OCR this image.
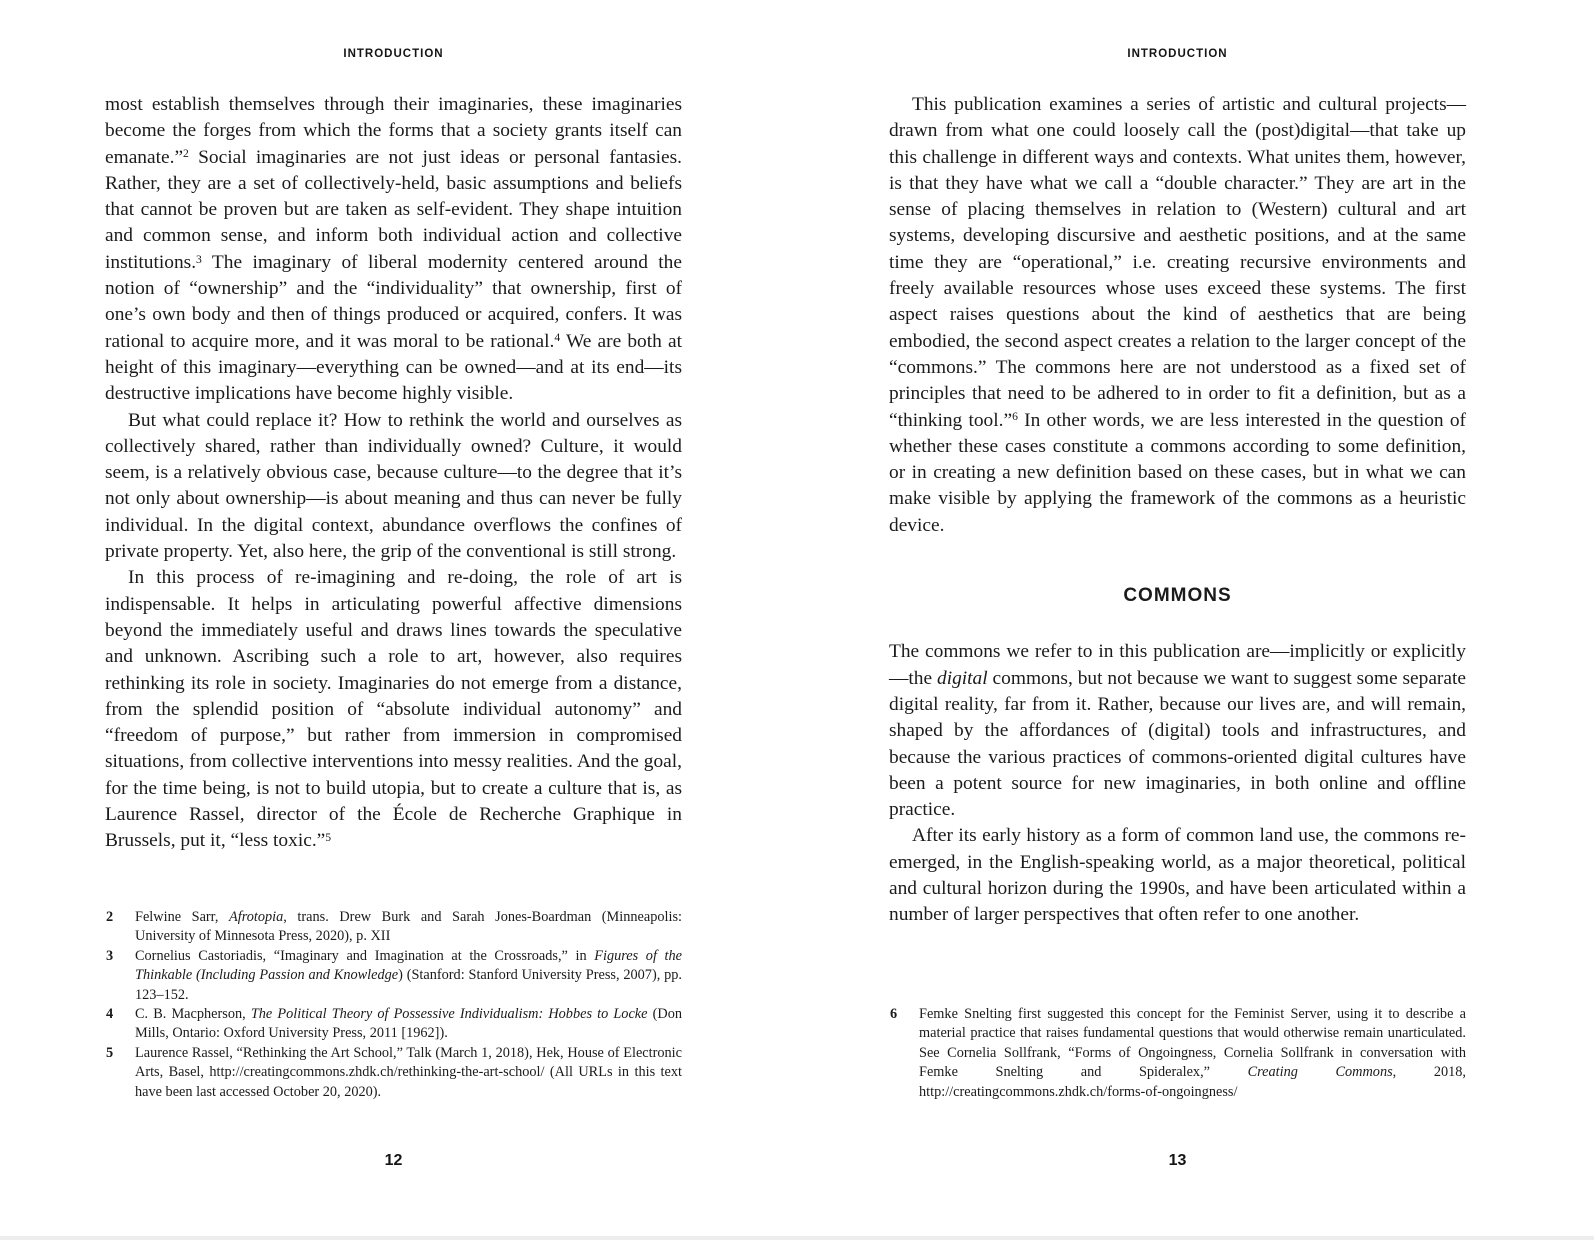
INTRODUCTION

most establish themselves through their imaginaries, these imaginaries become the forges from which the forms that a society grants itself can emanate.”$^2$ Social imaginaries are not just ideas or personal fantasies. Rather, they are a set of collectively-held, basic assumptions and beliefs that cannot be proven but are taken as self-evident. They shape intuition and common sense, and inform both individual action and collective institutions.$^3$ The imaginary of liberal modernity centered around the notion of “ownership” and the “individuality” that ownership, first of one’s own body and then of things produced or acquired, confers. It was rational to acquire more, and it was moral to be rational.$^4$ We are both at height of this imaginary—everything can be owned—and at its end—its destructive implications have become highly visible.

But what could replace it? How to rethink the world and ourselves as collectively shared, rather than individually owned? Culture, it would seem, is a relatively obvious case, because culture—to the degree that it’s not only about ownership—is about meaning and thus can never be fully individual. In the digital context, abundance overflows the confines of private property. Yet, also here, the grip of the conventional is still strong.

In this process of re-imagining and re-doing, the role of art is indispensable. It helps in articulating powerful affective dimensions beyond the immediately useful and draws lines towards the speculative and unknown. Ascribing such a role to art, however, also requires rethinking its role in society. Imaginaries do not emerge from a distance, from the splendid position of “absolute individual autonomy” and “freedom of purpose,” but rather from immersion in compromised situations, from collective interventions into messy realities. And the goal, for the time being, is not to build utopia, but to create a culture that is, as Laurence Rassel, director of the École de Recherche Graphique in Brussels, put it, “less toxic.”$^5$

2 Felwine Sarr, Afrotopia, trans. Drew Burk and Sarah Jones-Boardman (Minneapolis: University of Minnesota Press, 2020), p. XII
3 Cornelius Castoriadis, “Imaginary and Imagination at the Crossroads,” in Figures of the Thinkable (Including Passion and Knowledge) (Stanford: Stanford University Press, 2007), pp. 123–152.
4 C. B. Macpherson, The Political Theory of Possessive Individualism: Hobbes to Locke (Don Mills, Ontario: Oxford University Press, 2011 [1962]).
5 Laurence Rassel, “Rethinking the Art School,” Talk (March 1, 2018), Hek, House of Electronic Arts, Basel, http://creatingcommons.zhdk.ch/rethinking-the-art-school/ (All URLs in this text have been last accessed October 20, 2020).
12
INTRODUCTION

This publication examines a series of artistic and cultural projects—drawn from what one could loosely call the (post)digital—that take up this challenge in different ways and contexts. What unites them, however, is that they have what we call a “double character.” They are art in the sense of placing themselves in relation to (Western) cultural and art systems, developing discursive and aesthetic positions, and at the same time they are “operational,” i.e. creating recursive environments and freely available resources whose uses exceed these systems. The first aspect raises questions about the kind of aesthetics that are being embodied, the second aspect creates a relation to the larger concept of the “commons.” The commons here are not understood as a fixed set of principles that need to be adhered to in order to fit a definition, but as a “thinking tool.”$^6$ In other words, we are less interested in the question of whether these cases constitute a commons according to some definition, or in creating a new definition based on these cases, but in what we can make visible by applying the framework of the commons as a heuristic device.

COMMONS

The commons we refer to in this publication are—implicitly or explicitly—the digital commons, but not because we want to suggest some separate digital reality, far from it. Rather, because our lives are, and will remain, shaped by the affordances of (digital) tools and infrastructures, and because the various practices of commons-oriented digital cultures have been a potent source for new imaginaries, in both online and offline practice.

After its early history as a form of common land use, the commons re-emerged, in the English-speaking world, as a major theoretical, political and cultural horizon during the 1990s, and have been articulated within a number of larger perspectives that often refer to one another.

6 Femke Snelting first suggested this concept for the Feminist Server, using it to describe a material practice that raises fundamental questions that would otherwise remain unarticulated. See Cornelia Sollfrank, “Forms of Ongoingness, Cornelia Sollfrank in conversation with Femke Snelting and Spideralex,” Creating Commons, 2018, http://creatingcommons.zhdk.ch/forms-of-ongoingness/
13
